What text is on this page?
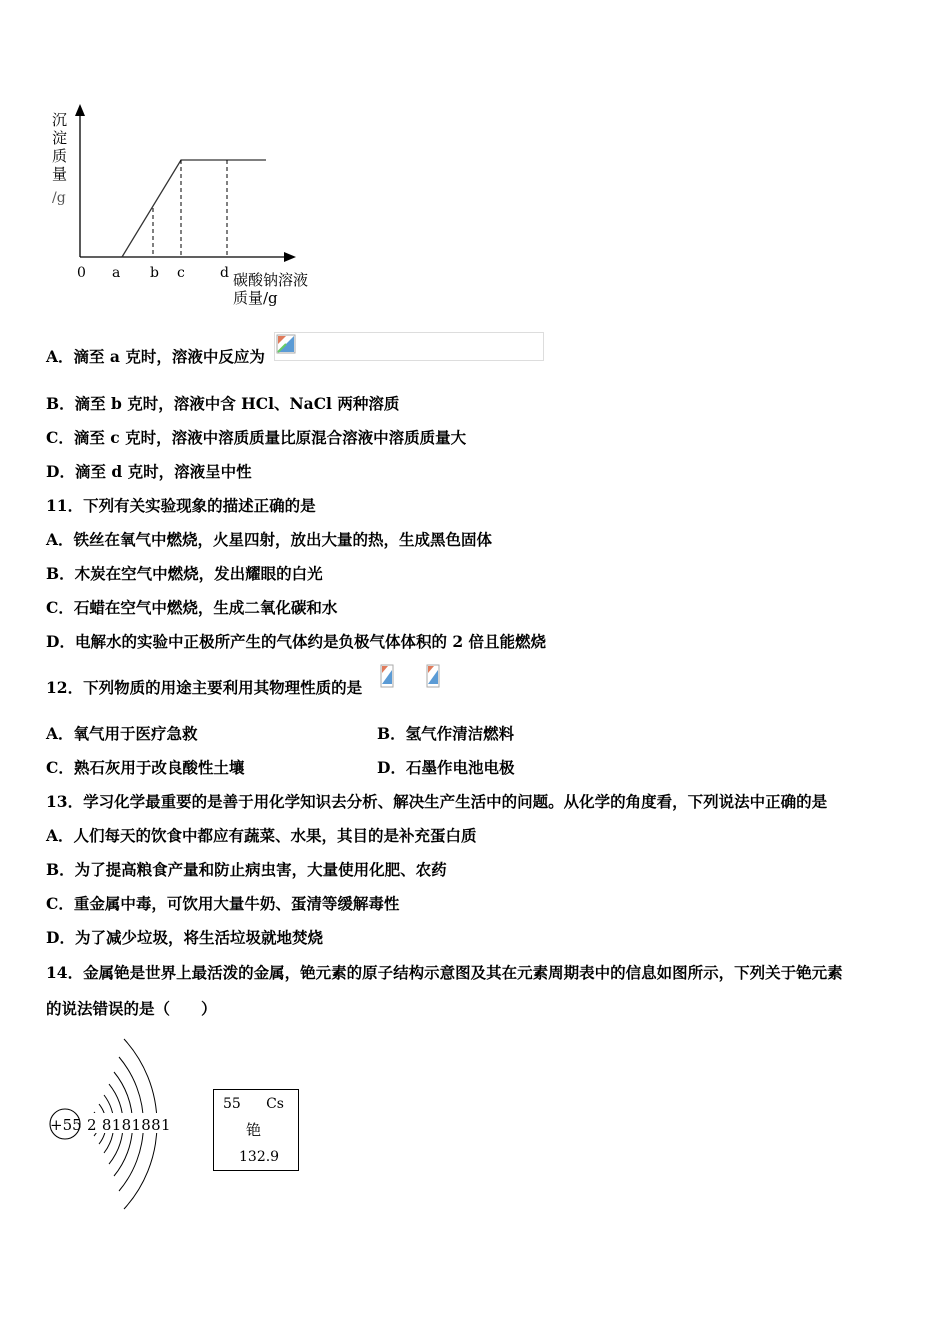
沉
淀
质
量
/g
0 a b c	d 碳酸钠溶液
质量/g
A．滴至 a 克时，溶液中反应为
B．滴至 b 克时，溶液中含 HCl、NaCl 两种溶质
C．滴至 c 克时，溶液中溶质质量比原混合溶液中溶质质量大
D．滴至 d 克时，溶液呈中性
11．下列有关实验现象的描述正确的是
A．铁丝在氧气中燃烧，火星四射，放出大量的热，生成黑色固体
B．木炭在空气中燃烧，发出耀眼的白光
C．石蜡在空气中燃烧，生成二氧化碳和水
D．电解水的实验中正极所产生的气体约是负极气体体积的 2 倍且能燃烧
12．下列物质的用途主要利用其物理性质的是
A．氧气用于医疗急救	B．氢气作清洁燃料
C．熟石灰用于改良酸性土壤	D．石墨作电池电极
13．学习化学最重要的是善于用化学知识去分析、解决生产生活中的问题。从化学的角度看，下列说法中正确的是
A．人们每天的饮食中都应有蔬菜、水果，其目的是补充蛋白质
B．为了提高粮食产量和防止病虫害，大量使用化肥、农药
C．重金属中毒，可饮用大量牛奶、蛋清等缓解毒性
D．为了减少垃圾，将生活垃圾就地焚烧
14．金属铯是世界上最活泼的金属，铯元素的原子结构示意图及其在元素周期表中的信息如图所示，下列关于铯元素
的说法错误的是（　　）
+55 2 8181881
55 Cs
铯
132.9
